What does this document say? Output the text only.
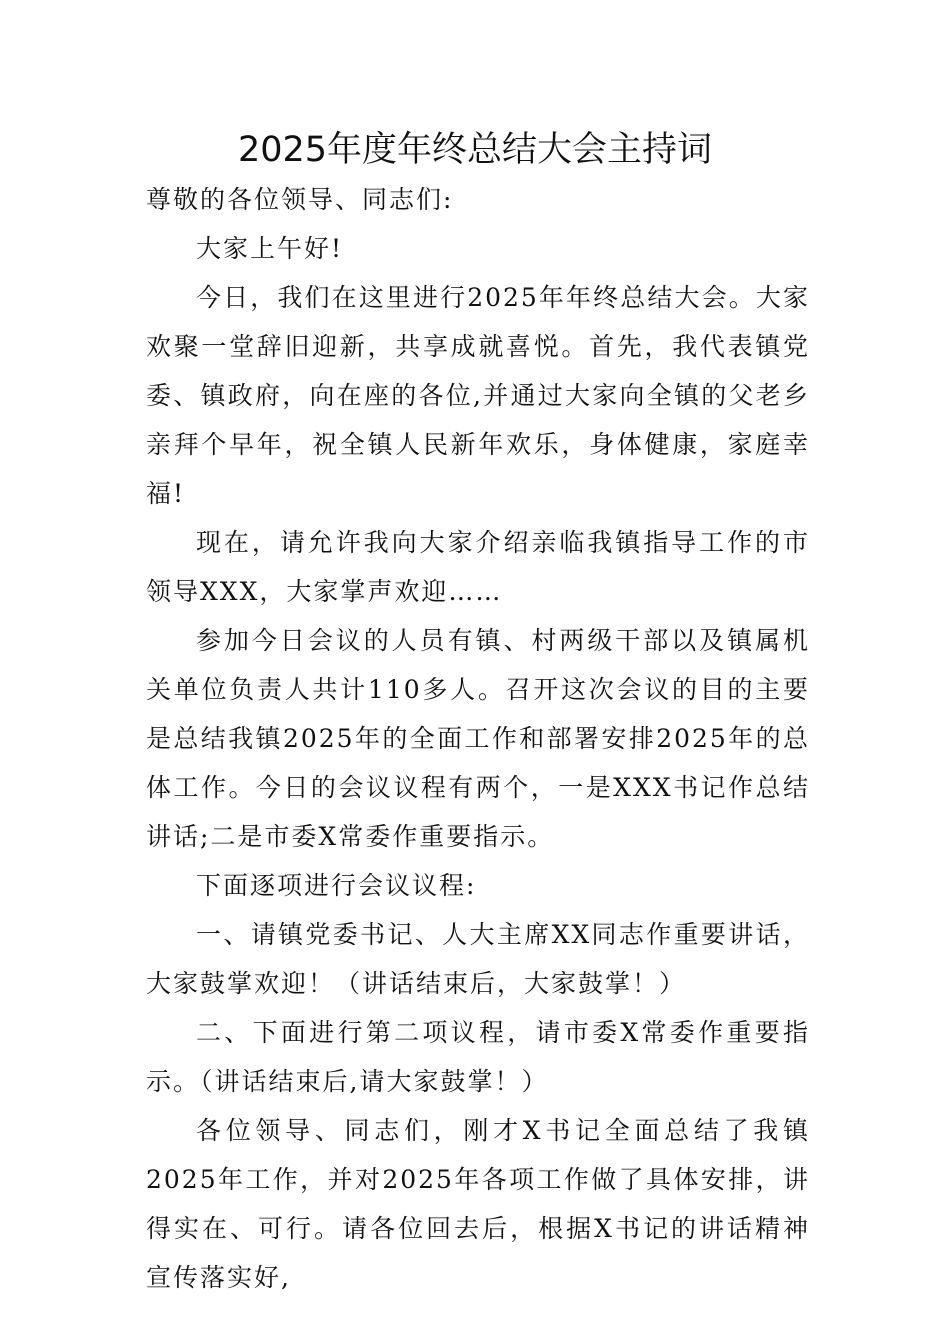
2025年度年终总结大会主持词

尊敬的各位领导、同志们:

大家上午好!

今日，我们在这里进行2025年年终总结大会。大家欢聚一堂辞旧迎新，共享成就喜悦。首先，我代表镇党委、镇政府，向在座的各位,并通过大家向全镇的父老乡亲拜个早年，祝全镇人民新年欢乐，身体健康，家庭幸福!

现在，请允许我向大家介绍亲临我镇指导工作的市领导XXX，大家掌声欢迎……

参加今日会议的人员有镇、村两级干部以及镇属机关单位负责人共计110多人。召开这次会议的目的主要是总结我镇2025年的全面工作和部署安排2025年的总体工作。今日的会议议程有两个，一是XXX书记作总结讲话;二是市委X常委作重要指示。

下面逐项进行会议议程:

一、请镇党委书记、人大主席XX同志作重要讲话，大家鼓掌欢迎！（讲话结束后，大家鼓掌！）

二、下面进行第二项议程，请市委X常委作重要指示。（讲话结束后,请大家鼓掌！）

各位领导、同志们，刚才X书记全面总结了我镇2025年工作，并对2025年各项工作做了具体安排，讲得实在、可行。请各位回去后，根据X书记的讲话精神宣传落实好,
